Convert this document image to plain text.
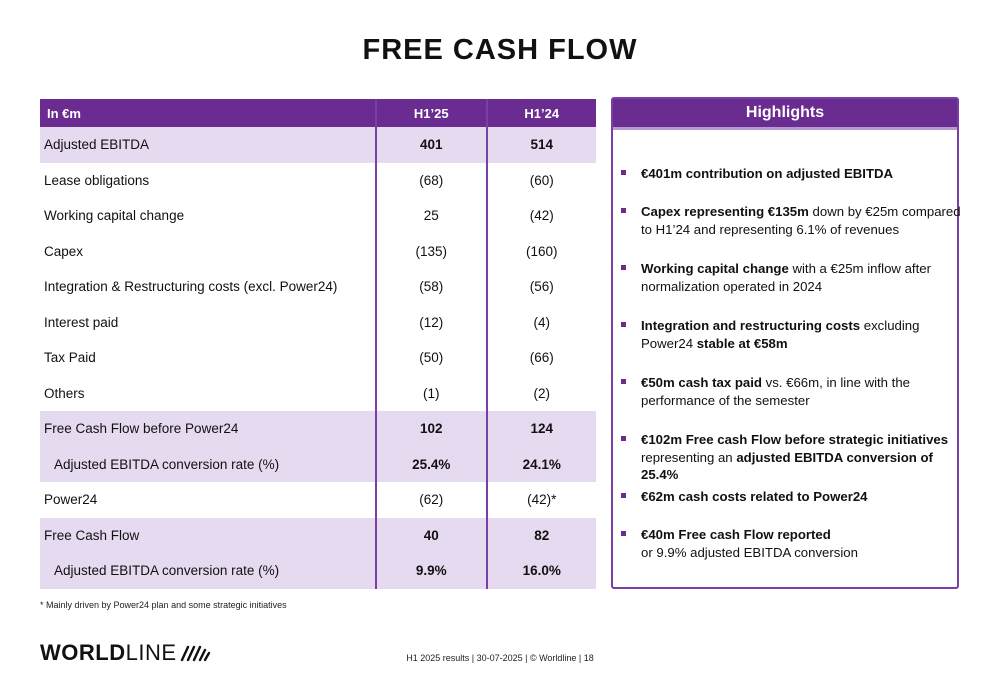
FREE CASH FLOW
In €m	H1’25	H1’24
Adjusted EBITDA	401	514
Lease obligations	(68)	(60)
Working capital change	25	(42)
Capex	(135)	(160)
Integration & Restructuring costs (excl. Power24)	(58)	(56)
Interest paid	(12)	(4)
Tax Paid	(50)	(66)
Others	(1)	(2)
Free Cash Flow before Power24	102	124
Adjusted EBITDA conversion rate (%)	25.4%	24.1%
Power24	(62)	(42)*
Free Cash Flow	40	82
Adjusted EBITDA conversion rate (%)	9.9%	16.0%
* Mainly driven by Power24 plan and some strategic initiatives
Highlights
€401m contribution on adjusted EBITDA
Capex representing €135m down by €25m compared to H1’24 and representing 6.1% of revenues
Working capital change with a €25m inflow after normalization operated in 2024
Integration and restructuring costs excluding Power24 stable at €58m
€50m cash tax paid vs. €66m, in line with the performance of the semester
€102m Free cash Flow before strategic initiatives representing an adjusted EBITDA conversion of 25.4%
€62m cash costs related to Power24
€40m Free cash Flow reported
or 9.9% adjusted EBITDA conversion
WORLDLINE	H1 2025 results | 30-07-2025 | © Worldline | 18
